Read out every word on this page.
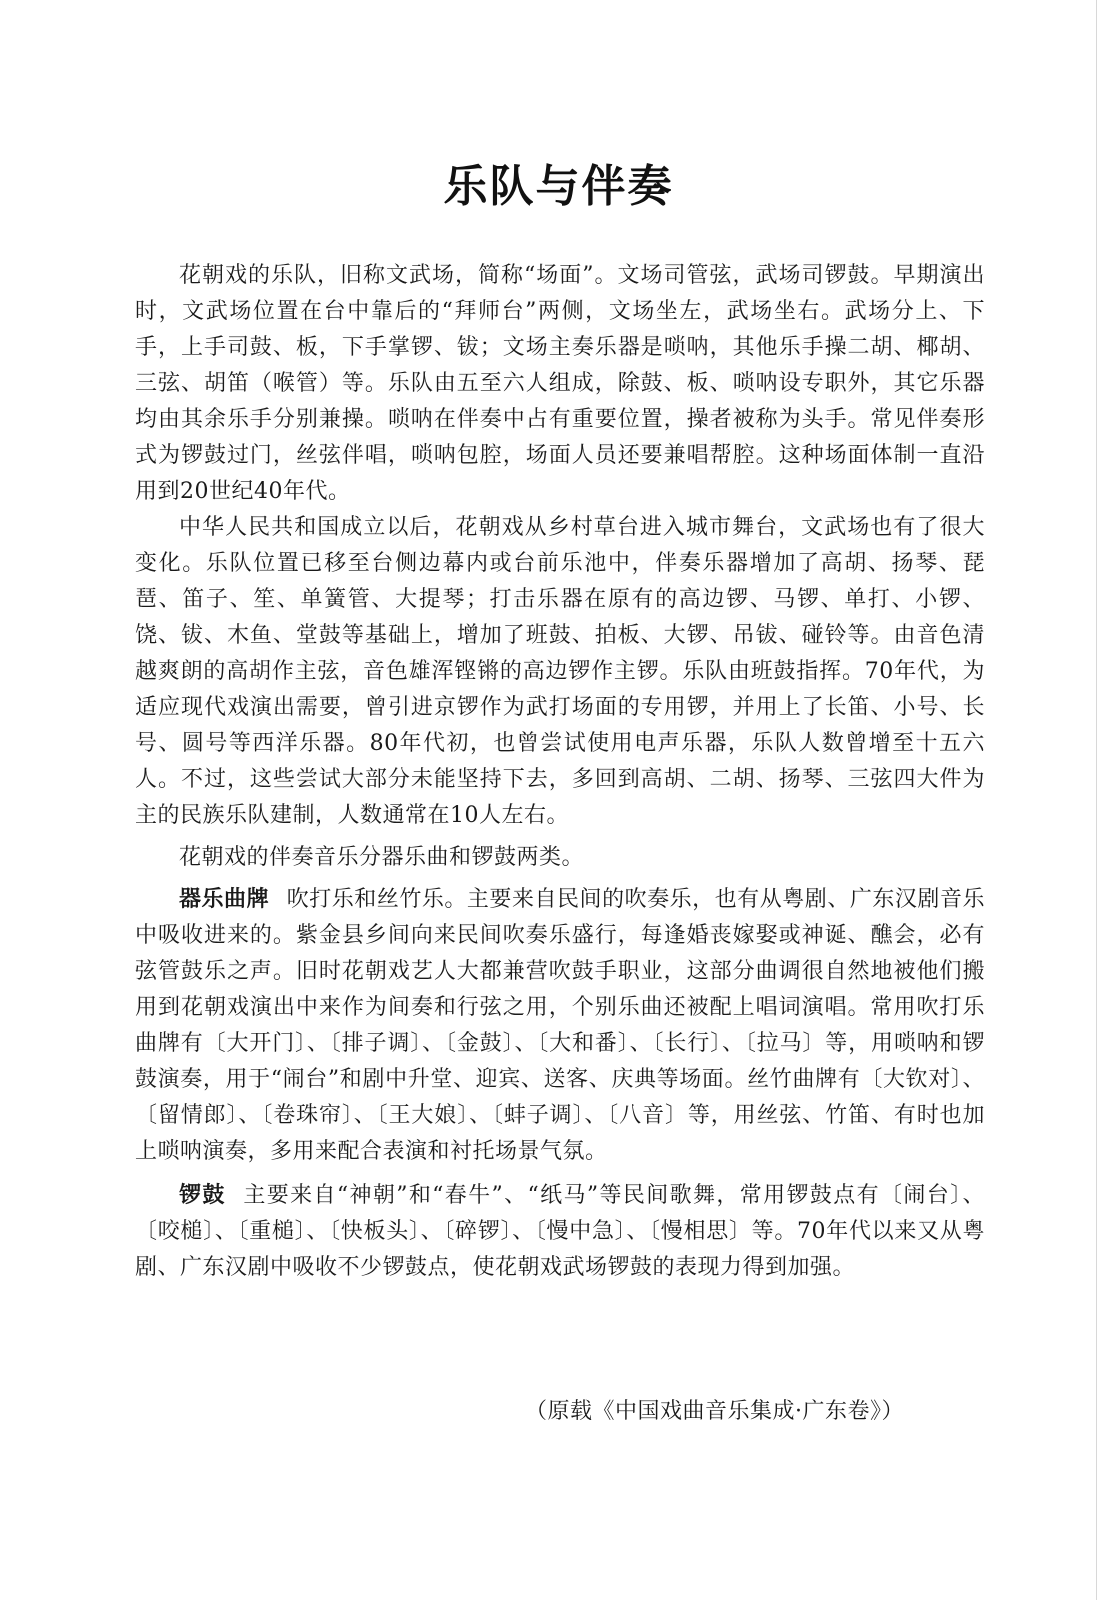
乐队与伴奏

花朝戏的乐队，旧称文武场，简称“场面”。文场司管弦，武场司锣鼓。早期演出时，文武场位置在台中靠后的“拜师台”两侧，文场坐左，武场坐右。武场分上、下手，上手司鼓、板，下手掌锣、钹；文场主奏乐器是唢呐，其他乐手操二胡、椰胡、三弦、胡笛（喉管）等。乐队由五至六人组成，除鼓、板、唢呐设专职外，其它乐器均由其余乐手分别兼操。唢呐在伴奏中占有重要位置，操者被称为头手。常见伴奏形式为锣鼓过门，丝弦伴唱，唢呐包腔，场面人员还要兼唱帮腔。这种场面体制一直沿用到20世纪40年代。

中华人民共和国成立以后，花朝戏从乡村草台进入城市舞台，文武场也有了很大变化。乐队位置已移至台侧边幕内或台前乐池中，伴奏乐器增加了高胡、扬琴、琵琶、笛子、笙、单簧管、大提琴；打击乐器在原有的高边锣、马锣、单打、小锣、饶、钹、木鱼、堂鼓等基础上，增加了班鼓、拍板、大锣、吊钹、碰铃等。由音色清越爽朗的高胡作主弦，音色雄浑铿锵的高边锣作主锣。乐队由班鼓指挥。70年代，为适应现代戏演出需要，曾引进京锣作为武打场面的专用锣，并用上了长笛、小号、长号、圆号等西洋乐器。80年代初，也曾尝试使用电声乐器，乐队人数曾增至十五六人。不过，这些尝试大部分未能坚持下去，多回到高胡、二胡、扬琴、三弦四大件为主的民族乐队建制，人数通常在10人左右。

花朝戏的伴奏音乐分器乐曲和锣鼓两类。

器乐曲牌 吹打乐和丝竹乐。主要来自民间的吹奏乐，也有从粤剧、广东汉剧音乐中吸收进来的。紫金县乡间向来民间吹奏乐盛行，每逢婚丧嫁娶或神诞、醮会，必有弦管鼓乐之声。旧时花朝戏艺人大都兼营吹鼓手职业，这部分曲调很自然地被他们搬用到花朝戏演出中来作为间奏和行弦之用，个别乐曲还被配上唱词演唱。常用吹打乐曲牌有〔大开门〕、〔排子调〕、〔金鼓〕、〔大和番〕、〔长行〕、〔拉马〕等，用唢呐和锣鼓演奏，用于“闹台”和剧中升堂、迎宾、送客、庆典等场面。丝竹曲牌有〔大钦对〕、〔留情郎〕、〔卷珠帘〕、〔王大娘〕、〔蚌子调〕、〔八音〕等，用丝弦、竹笛、有时也加上唢呐演奏，多用来配合表演和衬托场景气氛。

锣鼓 主要来自“神朝”和“春牛”、“纸马”等民间歌舞，常用锣鼓点有〔闹台〕、〔咬槌〕、〔重槌〕、〔快板头〕、〔碎锣〕、〔慢中急〕、〔慢相思〕等。70年代以来又从粤剧、广东汉剧中吸收不少锣鼓点，使花朝戏武场锣鼓的表现力得到加强。

（原载《中国戏曲音乐集成·广东卷》）
